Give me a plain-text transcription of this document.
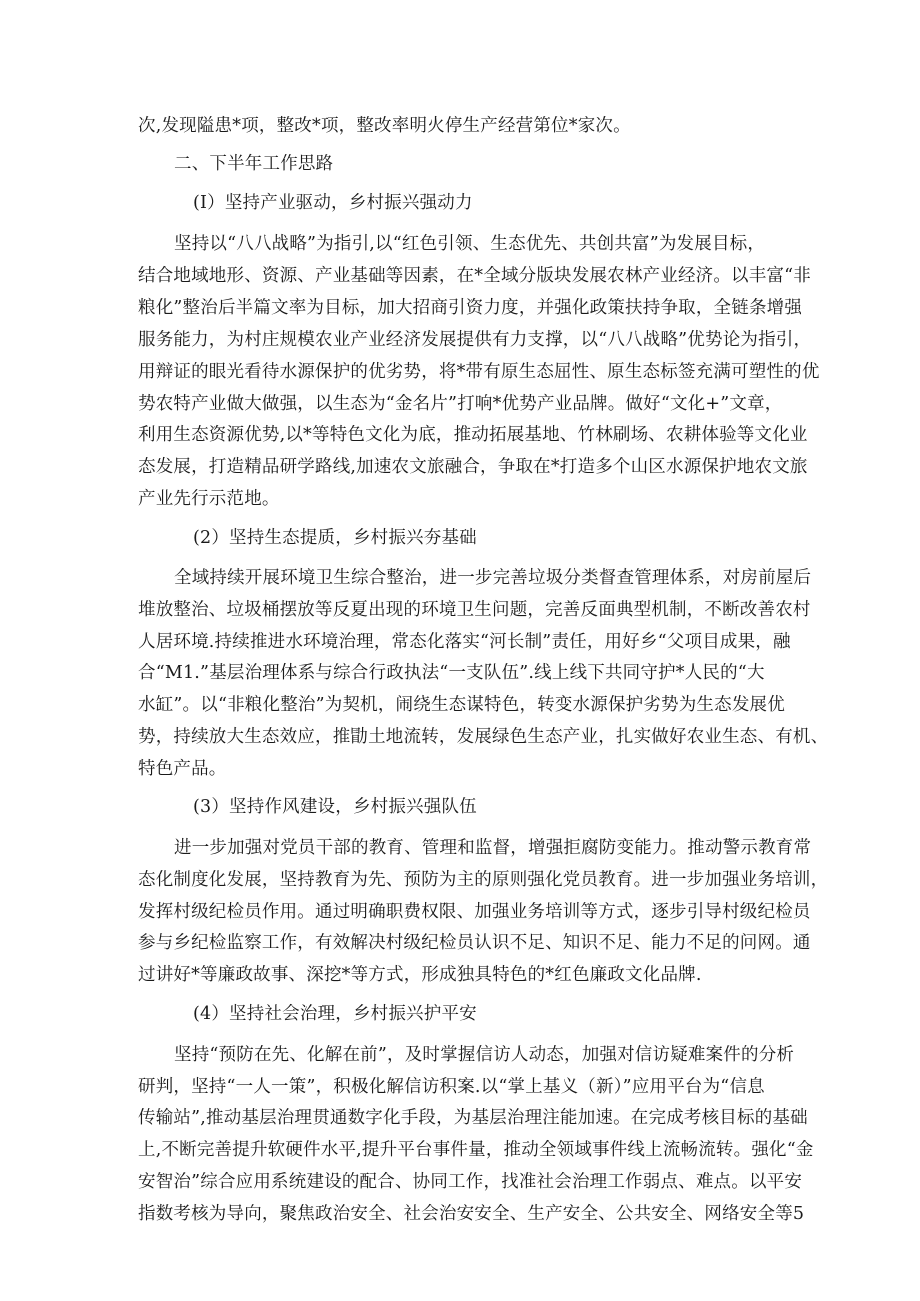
次,发现隘患*项，整改*项，整改率明火停生产经营第位*家次。
二、下半年工作思路
(I）坚持产业驱动，乡村振兴强动力
坚持以“八八战略”为指引,以“红色引领、生态优先、共创共富”为发展目标，
结合地域地形、资源、产业基础等因素，在*全域分版块发展农林产业经济。以丰富“非
粮化”整治后半篇文率为目标，加大招商引资力度，并强化政策扶持争取，全链条增强
服务能力，为村庄规模农业产业经济发展提供有力支撑，以“八八战略”优势论为指引，
用辩证的眼光看待水源保护的优劣势，将*带有原生态屈性、原生态标签充满可塑性的优
势农特产业做大做强，以生态为“金名片”打响*优势产业品牌。做好“文化+”文章，
利用生态资源优势,以*等特色文化为底，推动拓展基地、竹林刷场、农耕体验等文化业
态发展，打造精品研学路线,加速农文旅融合，争取在*打造多个山区水源保护地农文旅
产业先行示范地。
(2）坚持生态提质，乡村振兴夯基础
全域持续开展环境卫生综合整治，进一步完善垃圾分类督查管理体系，对房前屋后
堆放整治、垃圾桶摆放等反夏出现的环境卫生问题，完善反面典型机制，不断改善农村
人居环境.持续推进水环境治理，常态化落实“河长制”责任，用好乡“父项目成果，融
合“M1.”基层治理体系与综合行政执法“一支队伍”.线上线下共同守护*人民的“大
水缸”。以“非粮化整治”为契机，闹绕生态谋特色，转变水源保护劣势为生态发展优
势，持续放大生态效应，推勖土地流转，发展绿色生态产业，扎实做好农业生态、有机、
特色产品。
(3）坚持作风建设，乡村振兴强队伍
进一步加强对党员干部的教育、管理和监督，增强拒腐防变能力。推动警示教育常
态化制度化发展，坚持教育为先、预防为主的原则强化党员教育。进一步加强业务培训，
发挥村级纪检员作用。通过明确职费权限、加强业务培训等方式，逐步引导村级纪检员
参与乡纪检监察工作，有效解决村级纪检员认识不足、知识不足、能力不足的问网。通
过讲好*等廉政故事、深挖*等方式，形成独具特色的*红色廉政文化品牌.
(4）坚持社会治理，乡村振兴护平安
坚持“预防在先、化解在前”，及时掌握信访人动态，加强对信访疑难案件的分析
研判，坚持“一人一策”，积极化解信访积案.以“掌上基义（新）”应用平台为“信息
传输站”,推动基层治理贯通数字化手段，为基层治理注能加速。在完成考核目标的基础
上,不断完善提升软硬件水平,提升平台事件量，推动全领域事件线上流畅流转。强化“金
安智治”综合应用系统建设的配合、协同工作，找准社会治理工作弱点、难点。以平安
指数考核为导向，聚焦政治安全、社会治安安全、生产安全、公共安全、网络安全等5
